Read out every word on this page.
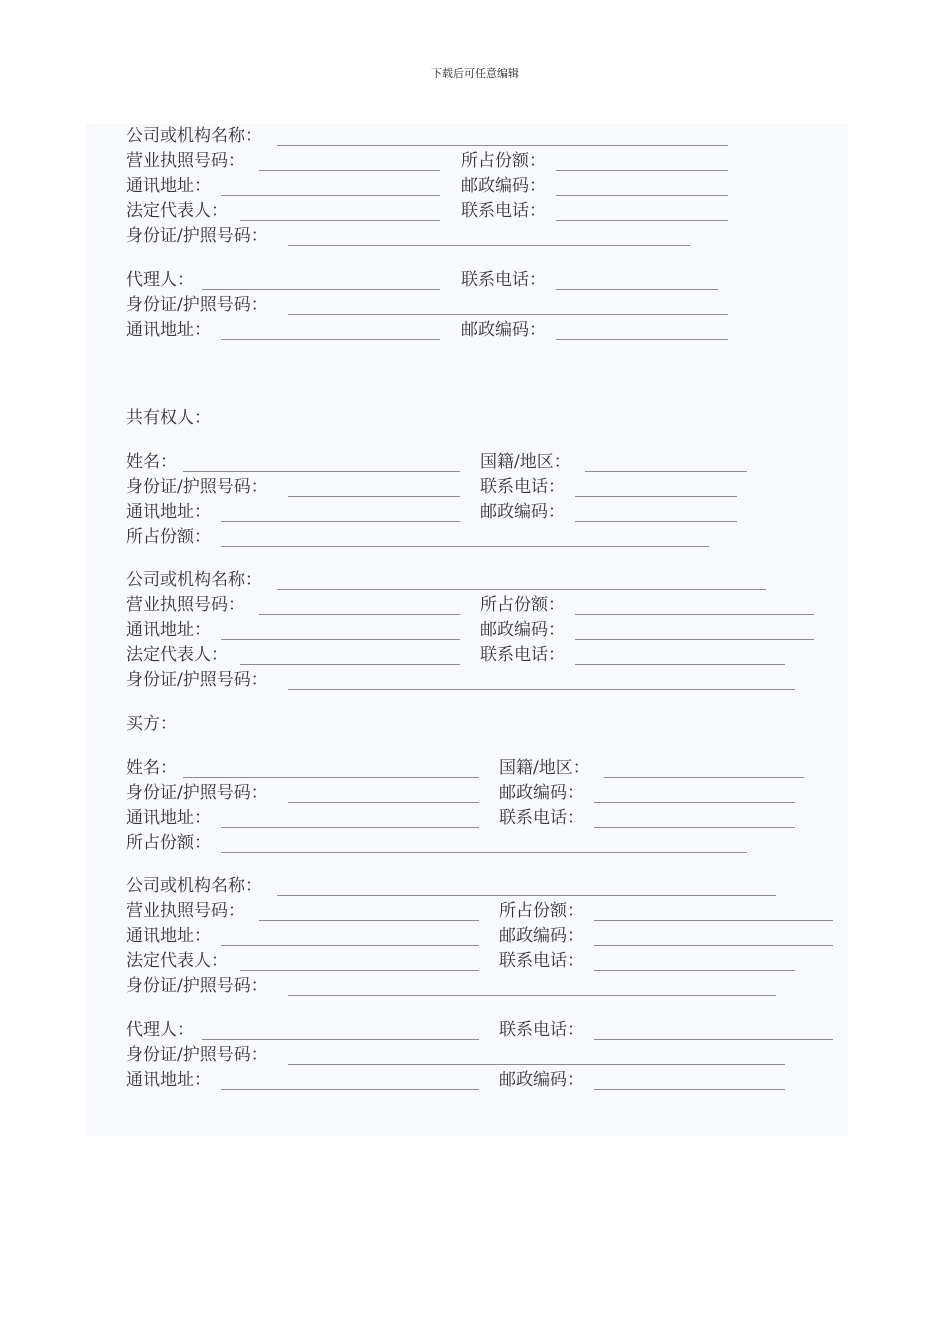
下载后可任意编辑
公司或机构名称：
营业执照号码：	所占份额：
通讯地址：	邮政编码：
法定代表人：	联系电话：
身份证/护照号码：
代理人：	联系电话：
身份证/护照号码：
通讯地址：	邮政编码：
共有权人：
姓名：	国籍/地区：
身份证/护照号码：	联系电话：
通讯地址：	邮政编码：
所占份额：
公司或机构名称：
营业执照号码：	所占份额：
通讯地址：	邮政编码：
法定代表人：	联系电话：
身份证/护照号码：
买方：
姓名：	国籍/地区：
身份证/护照号码：	邮政编码：
通讯地址：	联系电话：
所占份额：
公司或机构名称：
营业执照号码：	所占份额：
通讯地址：	邮政编码：
法定代表人：	联系电话：
身份证/护照号码：
代理人：	联系电话：
身份证/护照号码：
通讯地址：	邮政编码：
